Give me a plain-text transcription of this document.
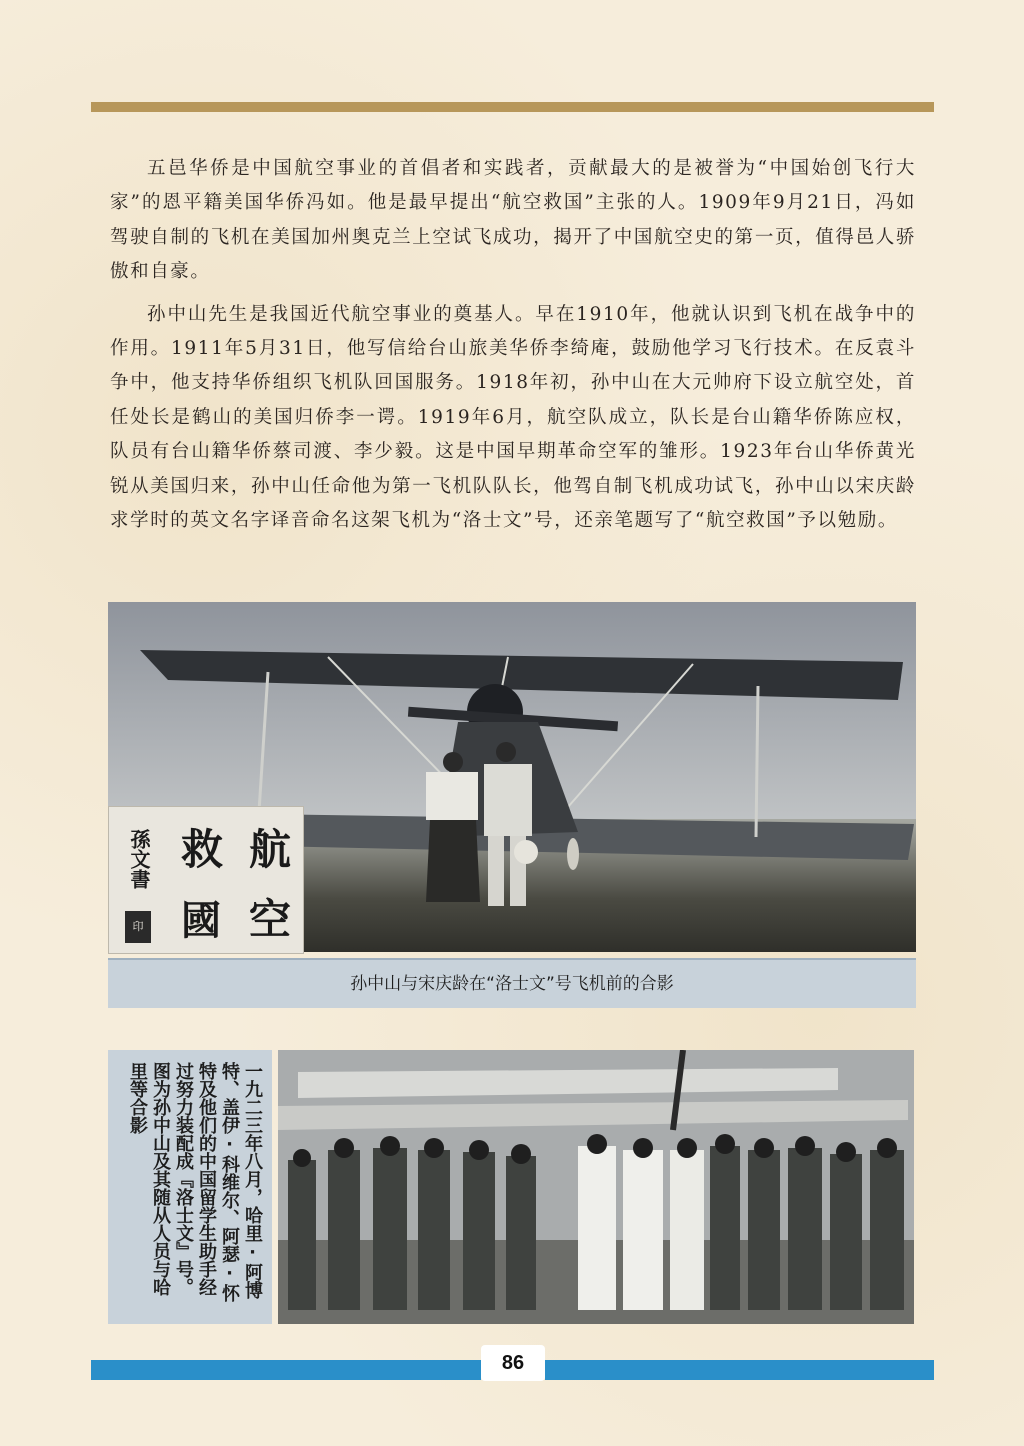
五邑华侨是中国航空事业的首倡者和实践者，贡献最大的是被誉为“中国始创飞行大家”的恩平籍美国华侨冯如。他是最早提出“航空救国”主张的人。1909年9月21日，冯如驾驶自制的飞机在美国加州奥克兰上空试飞成功，揭开了中国航空史的第一页，值得邑人骄傲和自豪。

孙中山先生是我国近代航空事业的奠基人。早在1910年，他就认识到飞机在战争中的作用。1911年5月31日，他写信给台山旅美华侨李绮庵，鼓励他学习飞行技术。在反袁斗争中，他支持华侨组织飞机队回国服务。1918年初，孙中山在大元帅府下设立航空处，首任处长是鹤山的美国归侨李一谔。1919年6月，航空队成立，队长是台山籍华侨陈应权，队员有台山籍华侨蔡司渡、李少毅。这是中国早期革命空军的雏形。1923年台山华侨黄光锐从美国归来，孙中山任命他为第一飞机队队长，他驾自制飞机成功试飞，孙中山以宋庆龄求学时的英文名字译音命名这架飞机为“洛士文”号，还亲笔题写了“航空救国”予以勉励。

航
空
救
國
孫文書
印
孙中山与宋庆龄在“洛士文”号飞机前的合影
一九二三年八月，哈里·阿博特、盖伊·科维尔、阿瑟·怀特及他们的中国留学生助手经过努力装配成『洛士文』号。图为孙中山及其随从人员与哈里等合影
86
